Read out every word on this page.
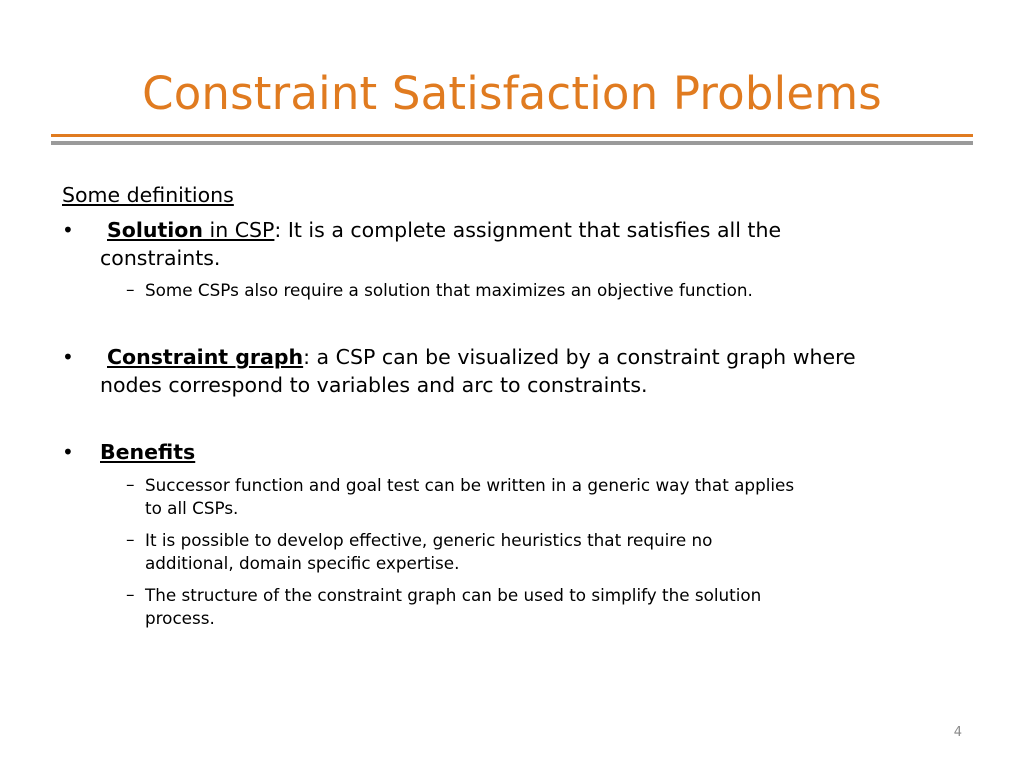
Constraint Satisfaction Problems
Some definitions
• Solution in CSP: It is a complete assignment that satisfies all the
constraints.
– Some CSPs also require a solution that maximizes an objective function.
• Constraint graph: a CSP can be visualized by a constraint graph where
nodes correspond to variables and arc to constraints.
• Benefits
– Successor function and goal test can be written in a generic way that applies
to all CSPs.
– It is possible to develop effective, generic heuristics that require no
additional, domain specific expertise.
– The structure of the constraint graph can be used to simplify the solution
process.
4
